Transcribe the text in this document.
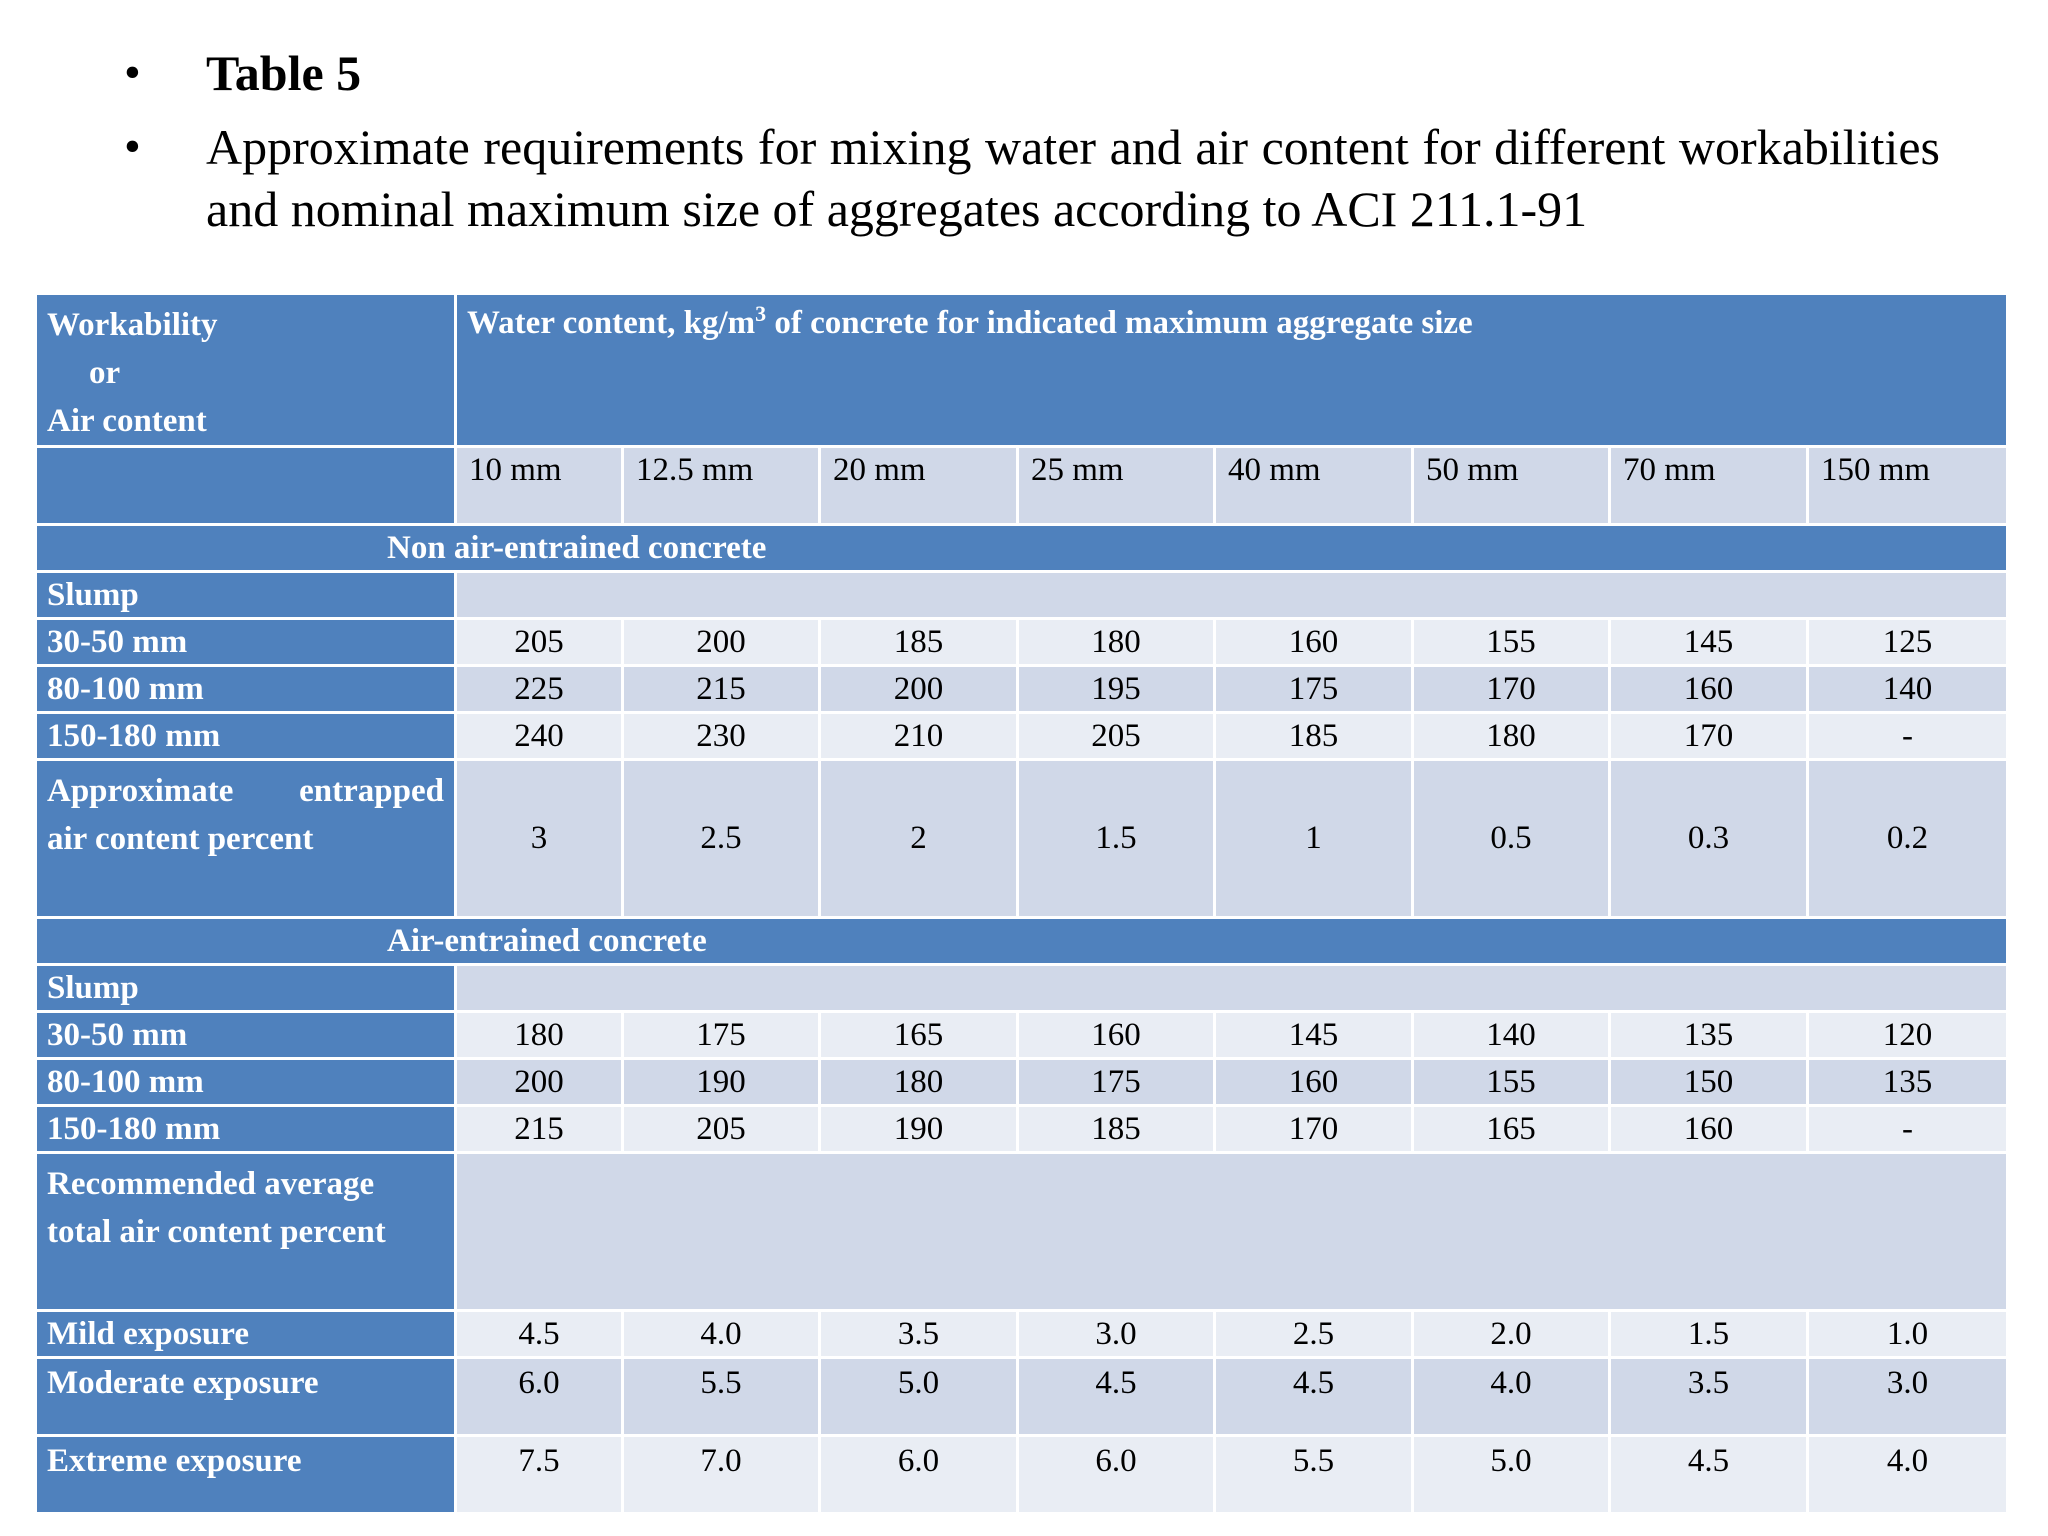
•	Table 5
•	Approximate requirements for mixing water and air content for different workabilities and nominal maximum size of aggregates according to ACI 211.1-91
Workability
or
Air content	Water content, $kg/m^3$ of concrete for indicated maximum aggregate size							
	10 mm	12.5 mm	20 mm	25 mm	40 mm	50 mm	70 mm	150 mm
Non air-entrained concrete								
Slump								
30-50 mm	205	200	185	180	160	155	145	125
80-100 mm	225	215	200	195	175	170	160	140
150-180 mm	240	230	210	205	185	180	170	-

Approximate entrapped
air content percent	3	2.5	2	1.5	1	0.5	0.3	0.2
Air-entrained concrete								
Slump								
30-50 mm	180	175	165	160	145	140	135	120
80-100 mm	200	190	180	175	160	155	150	135
150-180 mm	215	205	190	185	170	165	160	-

Recommended average
total air content percent								

Mild exposure	4.5	4.0	3.5	3.0	2.5	2.0	1.5	1.0
Moderate exposure	6.0	5.5	5.0	4.5	4.5	4.0	3.5	3.0
Extreme exposure	7.5	7.0	6.0	6.0	5.5	5.0	4.5	4.0
